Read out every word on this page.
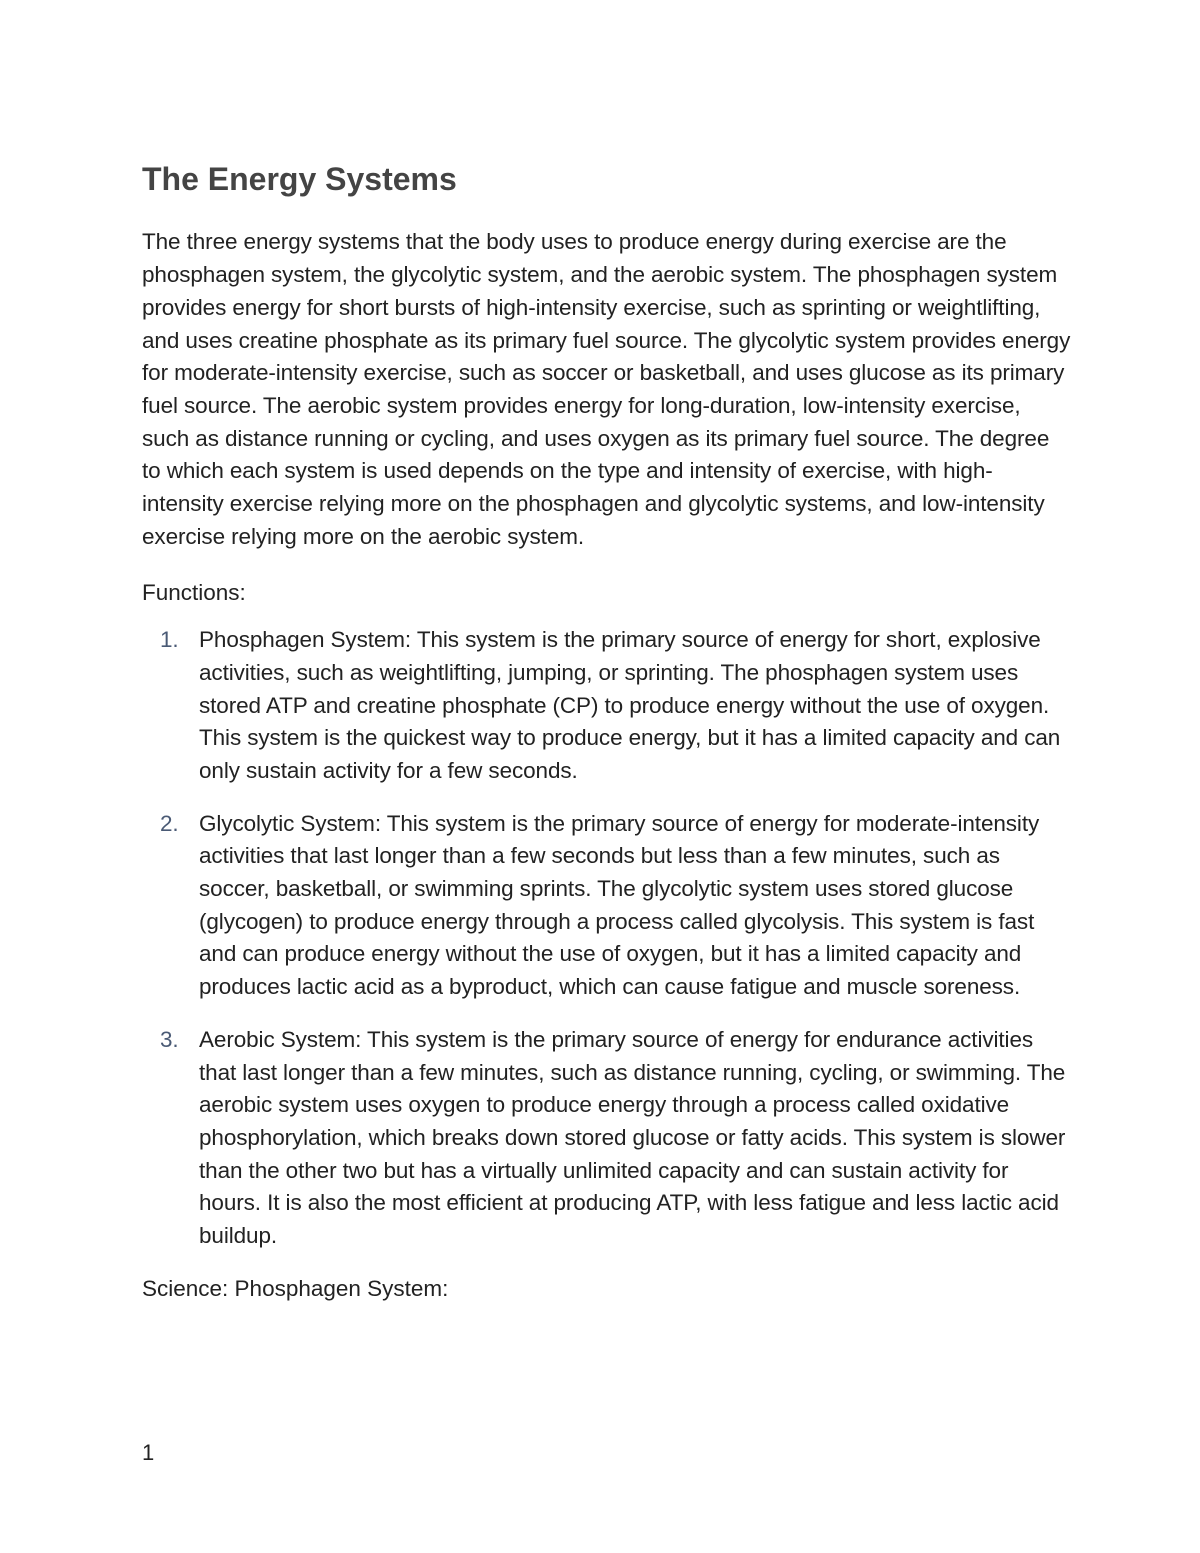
The Energy Systems

The three energy systems that the body uses to produce energy during exercise are the phosphagen system, the glycolytic system, and the aerobic system. The phosphagen system provides energy for short bursts of high-intensity exercise, such as sprinting or weightlifting, and uses creatine phosphate as its primary fuel source. The glycolytic system provides energy for moderate-intensity exercise, such as soccer or basketball, and uses glucose as its primary fuel source. The aerobic system provides energy for long-duration, low-intensity exercise, such as distance running or cycling, and uses oxygen as its primary fuel source. The degree to which each system is used depends on the type and intensity of exercise, with high-intensity exercise relying more on the phosphagen and glycolytic systems, and low-intensity exercise relying more on the aerobic system.

Functions:

1. Phosphagen System: This system is the primary source of energy for short, explosive activities, such as weightlifting, jumping, or sprinting. The phosphagen system uses stored ATP and creatine phosphate (CP) to produce energy without the use of oxygen. This system is the quickest way to produce energy, but it has a limited capacity and can only sustain activity for a few seconds.
2. Glycolytic System: This system is the primary source of energy for moderate-intensity activities that last longer than a few seconds but less than a few minutes, such as soccer, basketball, or swimming sprints. The glycolytic system uses stored glucose (glycogen) to produce energy through a process called glycolysis. This system is fast and can produce energy without the use of oxygen, but it has a limited capacity and produces lactic acid as a byproduct, which can cause fatigue and muscle soreness.
3. Aerobic System: This system is the primary source of energy for endurance activities that last longer than a few minutes, such as distance running, cycling, or swimming. The aerobic system uses oxygen to produce energy through a process called oxidative phosphorylation, which breaks down stored glucose or fatty acids. This system is slower than the other two but has a virtually unlimited capacity and can sustain activity for hours. It is also the most efficient at producing ATP, with less fatigue and less lactic acid buildup.

Science: Phosphagen System:

1
